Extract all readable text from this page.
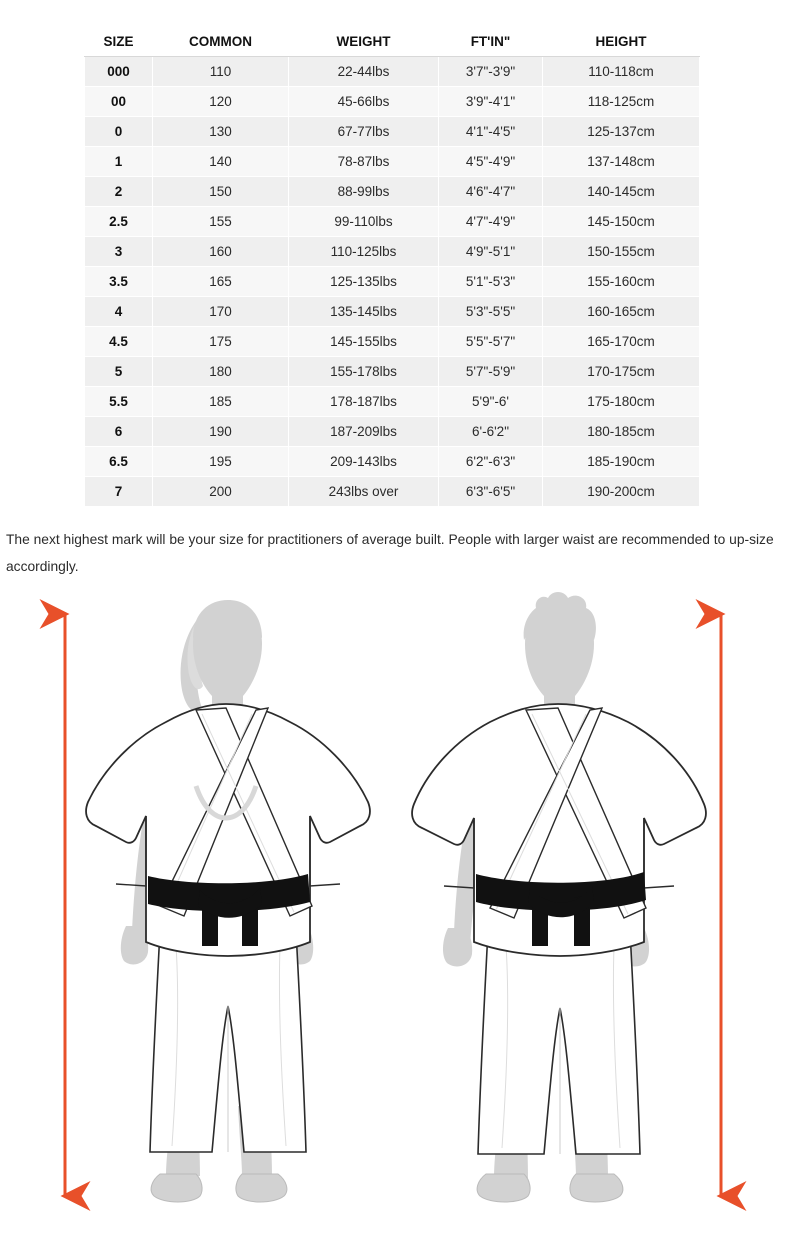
SIZE	COMMON	WEIGHT	FT'IN"	HEIGHT
000	110	22-44lbs	3'7"-3'9"	110-118cm
00	120	45-66lbs	3'9"-4'1"	118-125cm
0	130	67-77lbs	4'1"-4'5"	125-137cm
1	140	78-87lbs	4'5"-4'9"	137-148cm
2	150	88-99lbs	4'6"-4'7"	140-145cm
2.5	155	99-110lbs	4'7"-4'9"	145-150cm
3	160	110-125lbs	4'9"-5'1"	150-155cm
3.5	165	125-135lbs	5'1"-5'3"	155-160cm
4	170	135-145lbs	5'3"-5'5"	160-165cm
4.5	175	145-155lbs	5'5"-5'7"	165-170cm
5	180	155-178lbs	5'7"-5'9"	170-175cm
5.5	185	178-187lbs	5'9"-6'	175-180cm
6	190	187-209lbs	6'-6'2"	180-185cm
6.5	195	209-143lbs	6'2"-6'3"	185-190cm
7	200	243lbs over	6'3"-6'5"	190-200cm

The next highest mark will be your size for practitioners of average built. People with larger waist are recommended to up-size accordingly.
